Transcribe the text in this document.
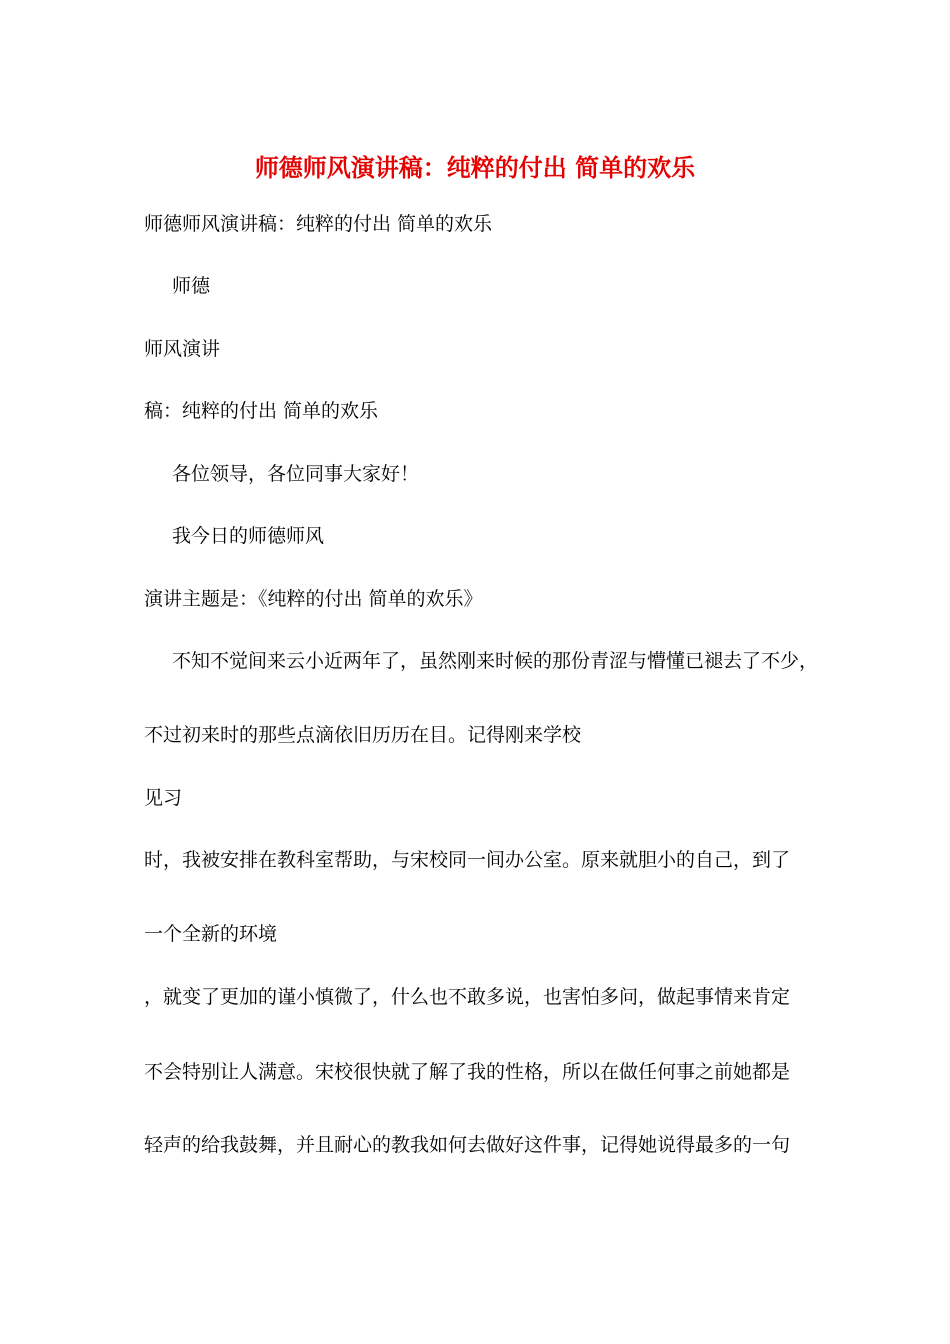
师德师风演讲稿：纯粹的付出 简单的欢乐
师德师风演讲稿：纯粹的付出 简单的欢乐
师德
师风演讲
稿：纯粹的付出 简单的欢乐
各位领导，各位同事大家好！
我今日的师德师风
演讲主题是：《纯粹的付出 简单的欢乐》
不知不觉间来云小近两年了，虽然刚来时候的那份青涩与懵懂已褪去了不少，
不过初来时的那些点滴依旧历历在目。记得刚来学校
见习
时，我被安排在教科室帮助，与宋校同一间办公室。原来就胆小的自己，到了
一个全新的环境
，就变了更加的谨小慎微了，什么也不敢多说，也害怕多问，做起事情来肯定
不会特别让人满意。宋校很快就了解了我的性格，所以在做任何事之前她都是
轻声的给我鼓舞，并且耐心的教我如何去做好这件事，记得她说得最多的一句
